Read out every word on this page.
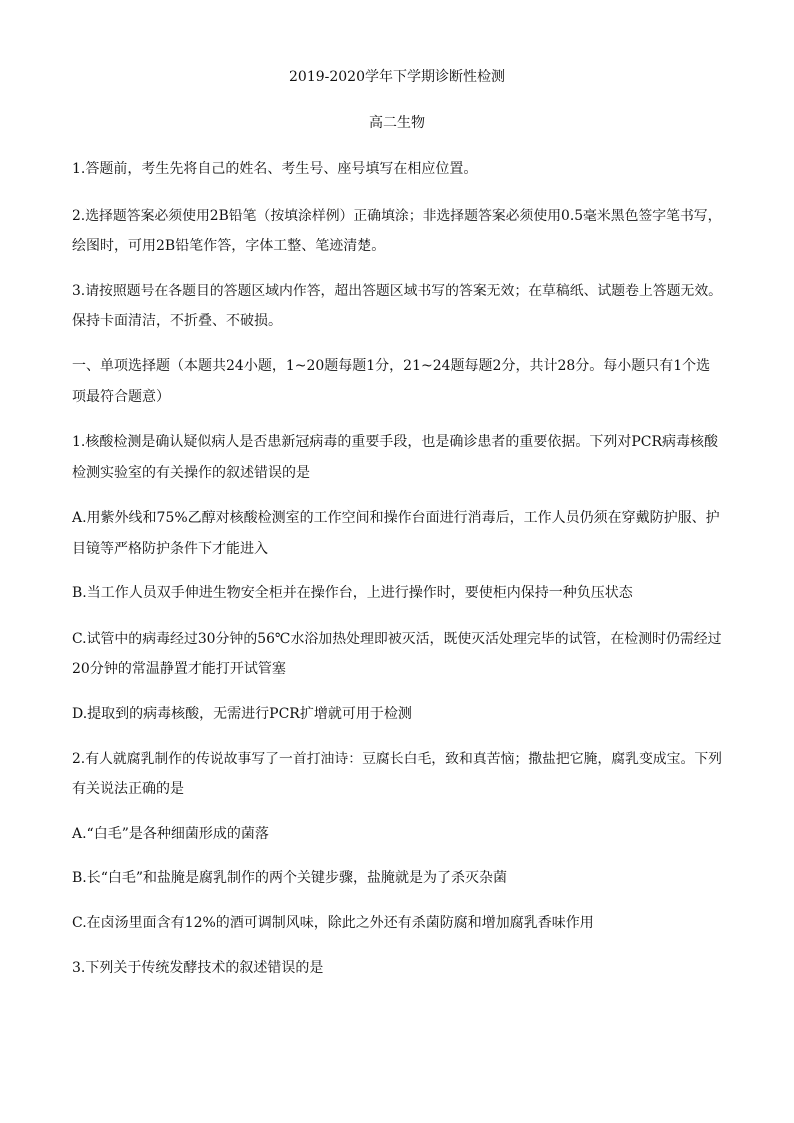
2019-2020学年下学期诊断性检测
高二生物
1.答题前，考生先将自己的姓名、考生号、座号填写在相应位置。
2.选择题答案必须使用2B铅笔（按填涂样例）正确填涂；非选择题答案必须使用0.5毫米黑色签字笔书写，
绘图时，可用2B铅笔作答，字体工整、笔迹清楚。
3.请按照题号在各题目的答题区域内作答，超出答题区域书写的答案无效；在草稿纸、试题卷上答题无效。
保持卡面清洁，不折叠、不破损。
一、单项选择题（本题共24小题，1~20题每题1分，21~24题每题2分，共计28分。每小题只有1个选
项最符合题意）
1.核酸检测是确认疑似病人是否患新冠病毒的重要手段，也是确诊患者的重要依据。下列对PCR病毒核酸
检测实验室的有关操作的叙述错误的是
A.用紫外线和75%乙醇对核酸检测室的工作空间和操作台面进行消毒后，工作人员仍须在穿戴防护服、护
目镜等严格防护条件下才能进入
B.当工作人员双手伸进生物安全柜并在操作台，上进行操作时，要使柜内保持一种负压状态
C.试管中的病毒经过30分钟的56℃水浴加热处理即被灭活，既使灭活处理完毕的试管，在检测时仍需经过
20分钟的常温静置才能打开试管塞
D.提取到的病毒核酸，无需进行PCR扩增就可用于检测
2.有人就腐乳制作的传说故事写了一首打油诗：豆腐长白毛，致和真苦恼；撒盐把它腌，腐乳变成宝。下列
有关说法正确的是
A.“白毛”是各种细菌形成的菌落
B.长“白毛”和盐腌是腐乳制作的两个关键步骤，盐腌就是为了杀灭杂菌
C.在卤汤里面含有12%的酒可调制风味，除此之外还有杀菌防腐和增加腐乳香味作用
3.下列关于传统发酵技术的叙述错误的是
